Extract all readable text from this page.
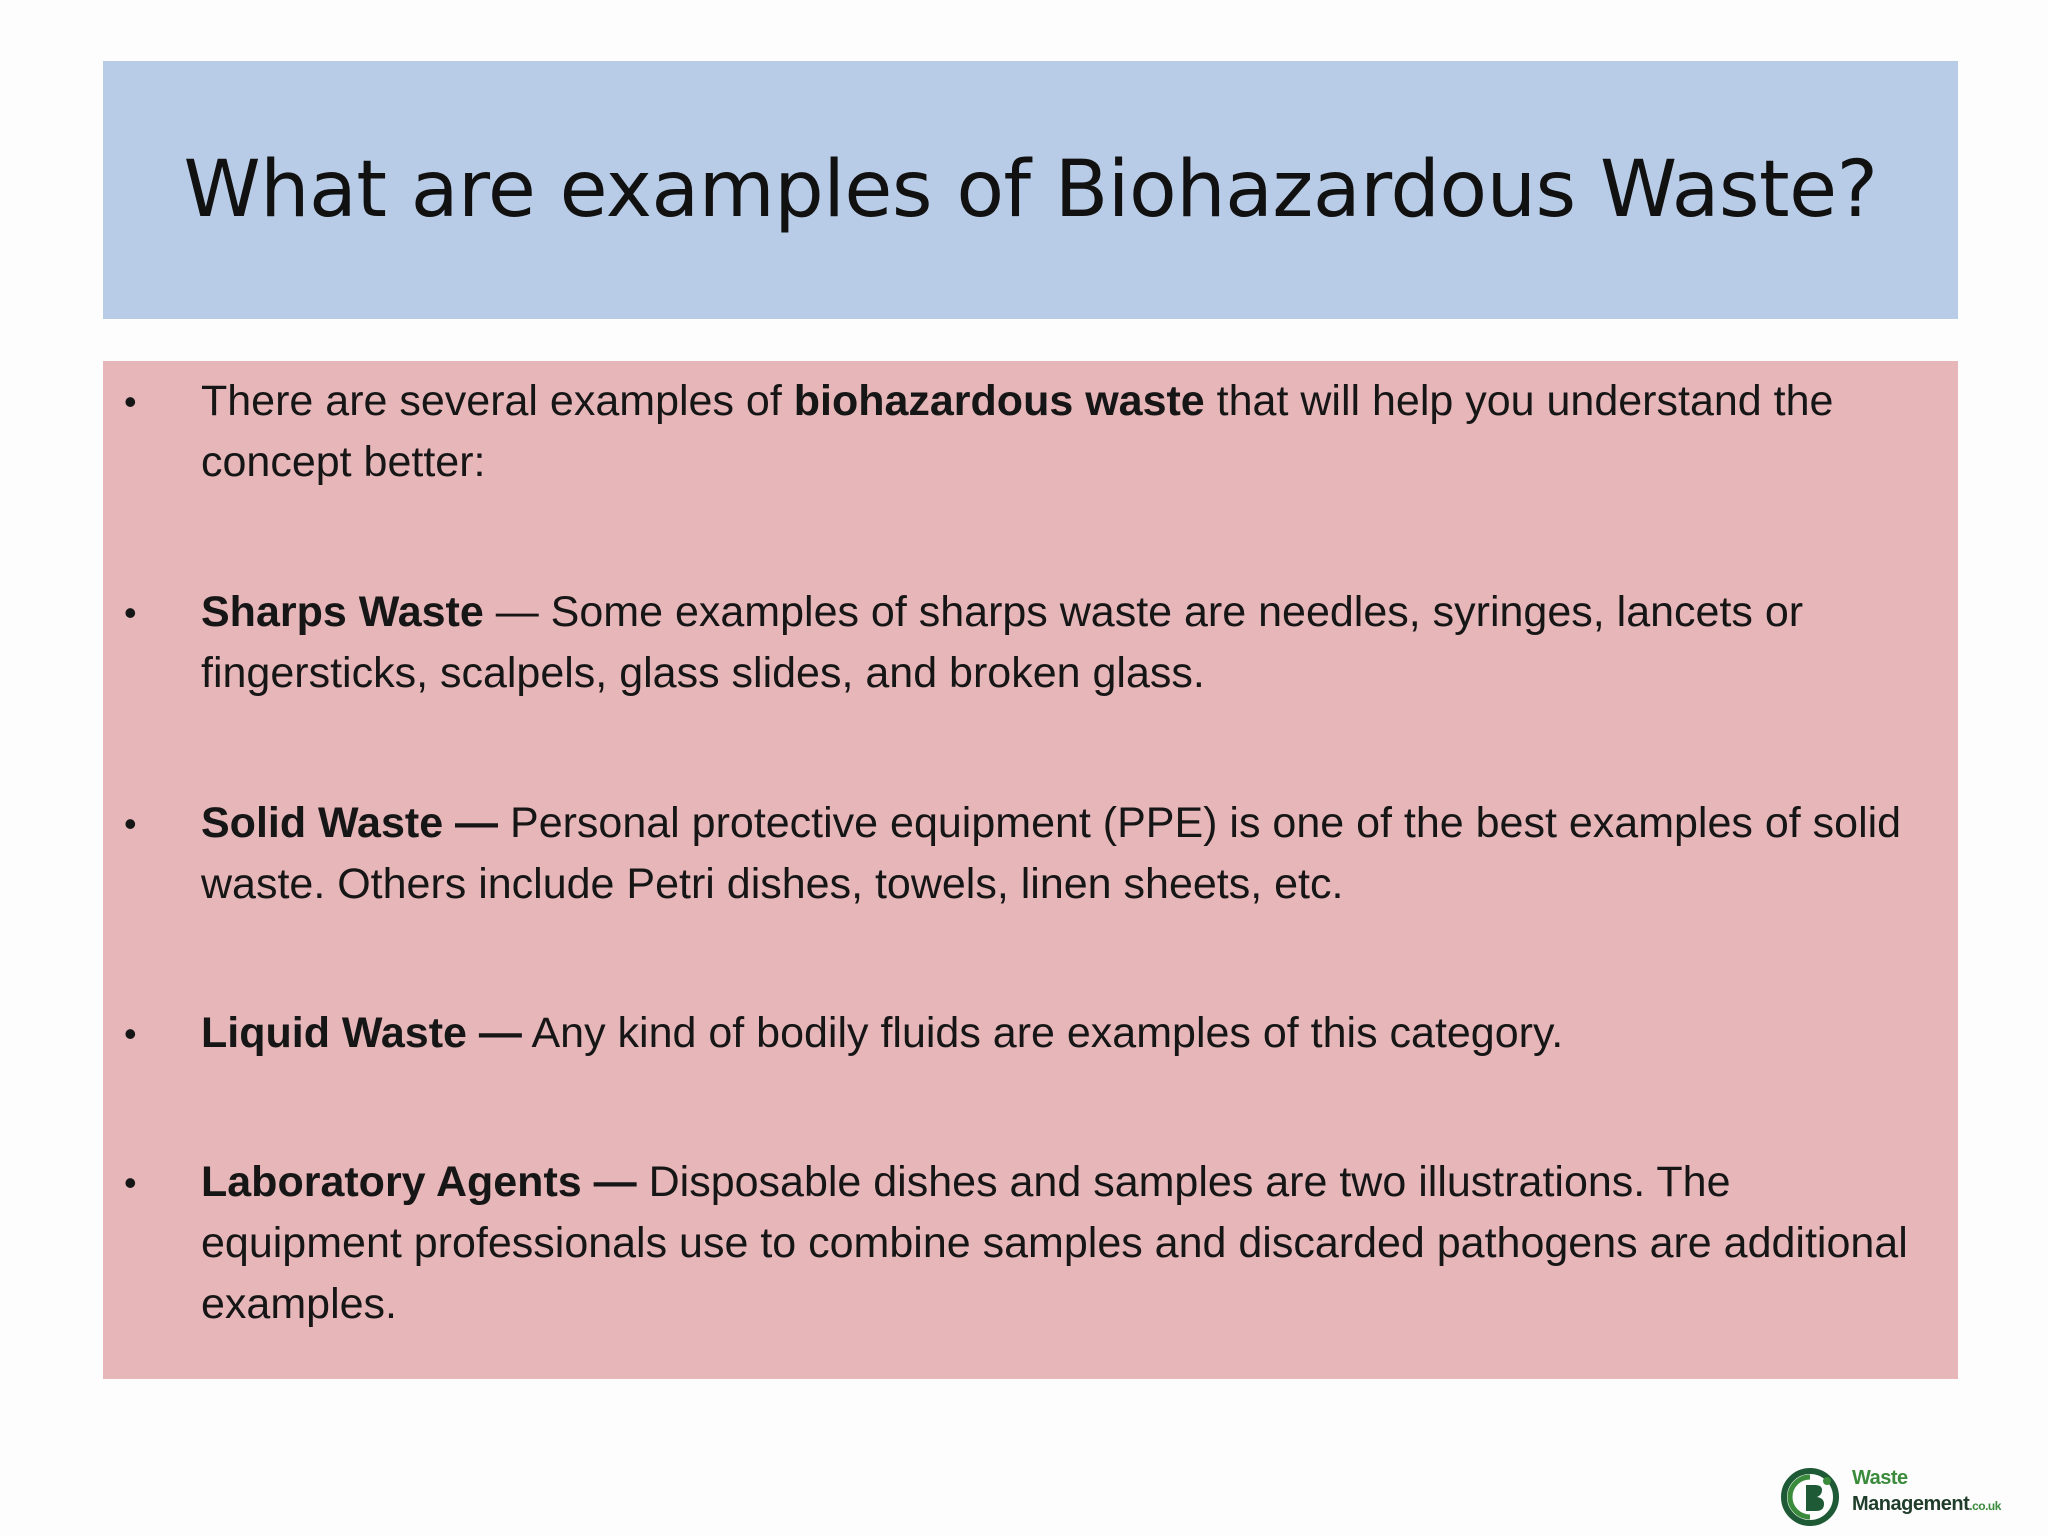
What are examples of Biohazardous Waste?
• There are several examples of biohazardous waste that will help you understand the concept better:
• Sharps Waste — Some examples of sharps waste are needles, syringes, lancets or fingersticks, scalpels, glass slides, and broken glass.
• Solid Waste — Personal protective equipment (PPE) is one of the best examples of solid waste. Others include Petri dishes, towels, linen sheets, etc.
• Liquid Waste — Any kind of bodily fluids are examples of this category.
• Laboratory Agents — Disposable dishes and samples are two illustrations. The equipment professionals use to combine samples and discarded pathogens are additional examples.
Waste
Management.co.uk
